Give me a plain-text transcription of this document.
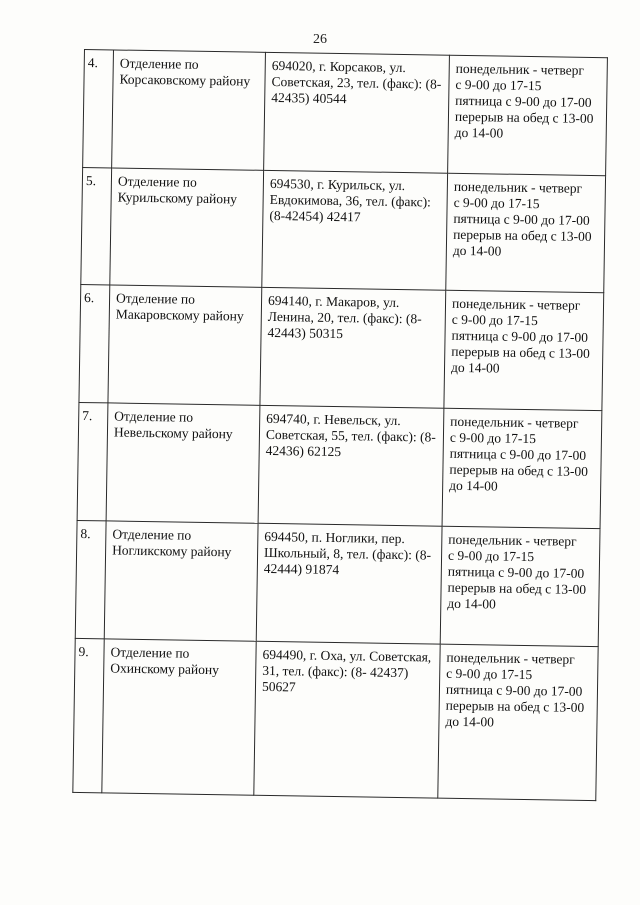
26
4.	Отделение по Корсаковскому району	694020, г. Корсаков, ул. Советская, 23, тел. (факс): (8-42435) 40544	понедельник - четверг
с 9-00 до 17-15
пятница с 9-00 до 17-00
перерыв на обед с 13-00 до 14-00

5.	Отделение по Курильскому району	694530, г. Курильск, ул. Евдокимова, 36, тел. (факс): (8-42454) 42417	понедельник - четверг
с 9-00 до 17-15
пятница с 9-00 до 17-00
перерыв на обед с 13-00 до 14-00

6.	Отделение по Макаровскому району	694140, г. Макаров, ул. Ленина, 20, тел. (факс): (8-42443) 50315	понедельник - четверг
с 9-00 до 17-15
пятница с 9-00 до 17-00
перерыв на обед с 13-00 до 14-00

7.	Отделение по Невельскому району	694740, г. Невельск, ул. Советская, 55, тел. (факс): (8-42436) 62125	понедельник - четверг
с 9-00 до 17-15
пятница с 9-00 до 17-00
перерыв на обед с 13-00 до 14-00

8.	Отделение по Ногликскому району	694450, п. Ноглики, пер. Школьный, 8, тел. (факс): (8-42444) 91874	понедельник - четверг
с 9-00 до 17-15
пятница с 9-00 до 17-00
перерыв на обед с 13-00 до 14-00

9.	Отделение по Охинскому району	694490, г. Оха, ул. Советская, 31, тел. (факс): (8- 42437) 50627	понедельник - четверг
с 9-00 до 17-15
пятница с 9-00 до 17-00
перерыв на обед с 13-00 до 14-00
